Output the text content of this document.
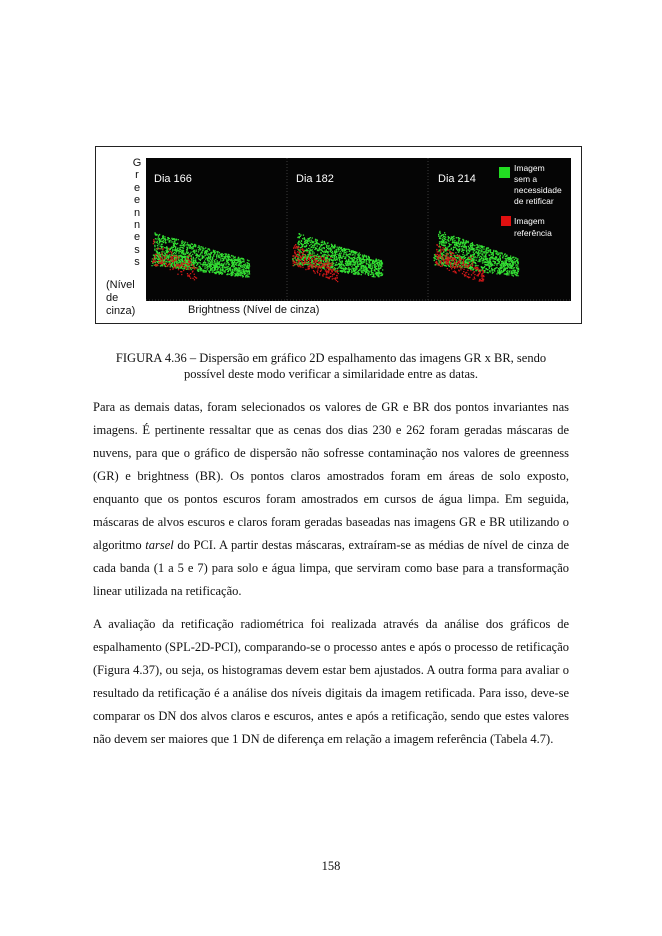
G
r
e
e
n
n
e
s
s
(Nível
de
cinza)
Dia 166	Dia 182	Dia 214
Imagem
sem a
necessidade
de retificar
Imagem
referência
Brightness (Nível de cinza)
FIGURA 4.36 – Dispersão em gráfico 2D espalhamento das imagens GR x BR, sendo
possível deste modo verificar a similaridade entre as datas.

Para as demais datas, foram selecionados os valores de GR e BR dos pontos invariantes nas imagens. É pertinente ressaltar que as cenas dos dias 230 e 262 foram geradas máscaras de nuvens, para que o gráfico de dispersão não sofresse contaminação nos valores de greenness (GR) e brightness (BR). Os pontos claros amostrados foram em áreas de solo exposto, enquanto que os pontos escuros foram amostrados em cursos de água limpa. Em seguida, máscaras de alvos escuros e claros foram geradas baseadas nas imagens GR e BR utilizando o algoritmo tarsel do PCI. A partir destas máscaras, extraíram-se as médias de nível de cinza de cada banda (1 a 5 e 7) para solo e água limpa, que serviram como base para a transformação linear utilizada na retificação.

A avaliação da retificação radiométrica foi realizada através da análise dos gráficos de espalhamento (SPL-2D-PCI), comparando-se o processo antes e após o processo de retificação (Figura 4.37), ou seja, os histogramas devem estar bem ajustados. A outra forma para avaliar o resultado da retificação é a análise dos níveis digitais da imagem retificada. Para isso, deve-se comparar os DN dos alvos claros e escuros, antes e após a retificação, sendo que estes valores não devem ser maiores que 1 DN de diferença em relação a imagem referência (Tabela 4.7).

158
